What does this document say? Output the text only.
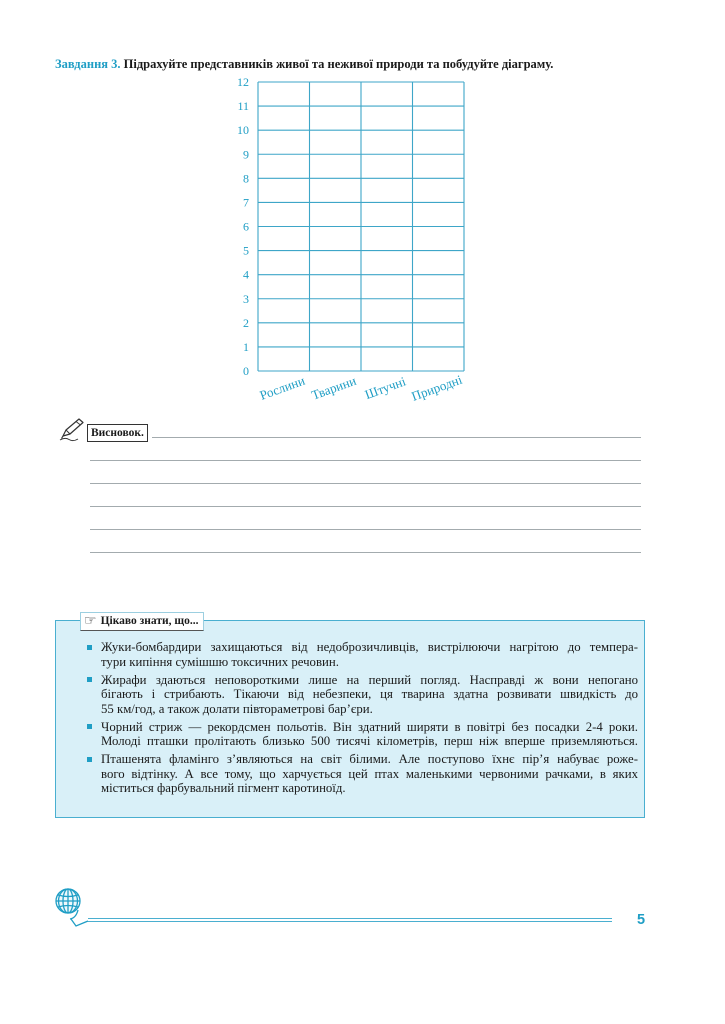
Завдання 3. Підрахуйте представників живої та неживої природи та побудуйте діаграму.
0
1
2
3
4
5
6
7
8
9
10
11
12
Рослини Тварини Штучні Природні
Висновок.
☞ $^{Цікаво знати, що...}$
Жуки-бомбардири захищаються від недоброзичливців, вистрілюючи нагрітою до темпера-
тури кипіння сумішшю токсичних речовин.
Жирафи здаються неповороткими лише на перший погляд. Насправді ж вони непогано
бігають і стрибають. Тікаючи від небезпеки, ця тварина здатна розвивати швидкість до
55 км/год, а також долати півтораметрові бар’єри.
Чорний стриж — рекордсмен польотів. Він здатний ширяти в повітрі без посадки 2-4 роки.
Молоді пташки пролітають близько 500 тисячі кілометрів, перш ніж вперше приземляються.
Пташенята фламінго з’являються на світ білими. Але поступово їхнє пір’я набуває роже-
вого відтінку. А все тому, що харчується цей птах маленькими червоними рачками, в яких
міститься фарбувальний пігмент каротиноїд.
5
